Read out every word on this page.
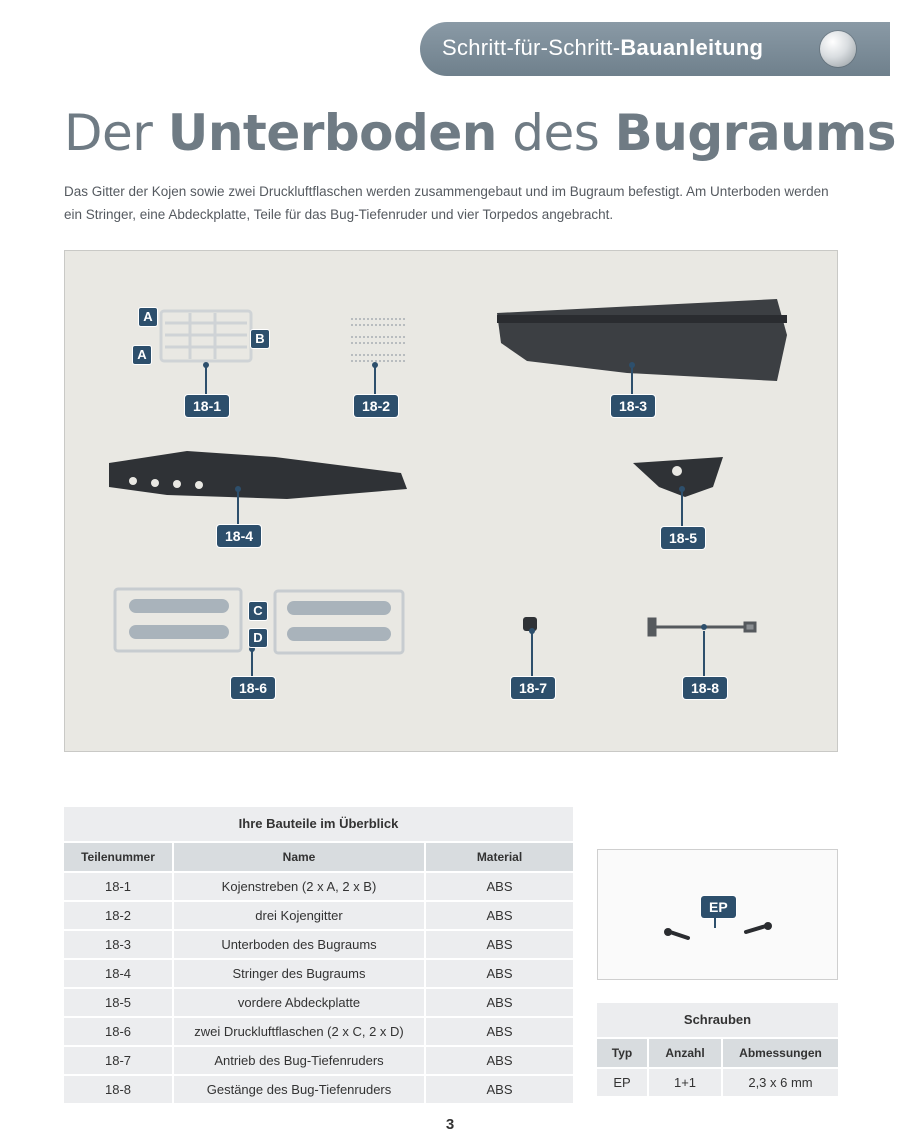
Schritt-für-Schritt-Bauanleitung
Der Unterboden des Bugraums
Das Gitter der Kojen sowie zwei Druckluftflaschen werden zusammengebaut und im Bugraum befestigt. Am Unterboden werden ein Stringer, eine Abdeckplatte, Teile für das Bug-Tiefenruder und vier Torpedos angebracht.
A
B
A
C
D
18-1	18-2	18-3
18-4	18-5
18-6	18-7	18-8
Ihre Bauteile im Überblick		
Teilenummer	Name	Material
18-1	Kojenstreben (2 x A, 2 x B)	ABS
18-2	drei Kojengitter	ABS
18-3	Unterboden des Bugraums	ABS
18-4	Stringer des Bugraums	ABS
18-5	vordere Abdeckplatte	ABS
18-6	zwei Druckluftflaschen (2 x C, 2 x D)	ABS
18-7	Antrieb des Bug-Tiefenruders	ABS
18-8	Gestänge des Bug-Tiefenruders	ABS
EP
Schrauben		
Typ	Anzahl	Abmessungen
EP	1+1	2,3 x 6 mm
3
